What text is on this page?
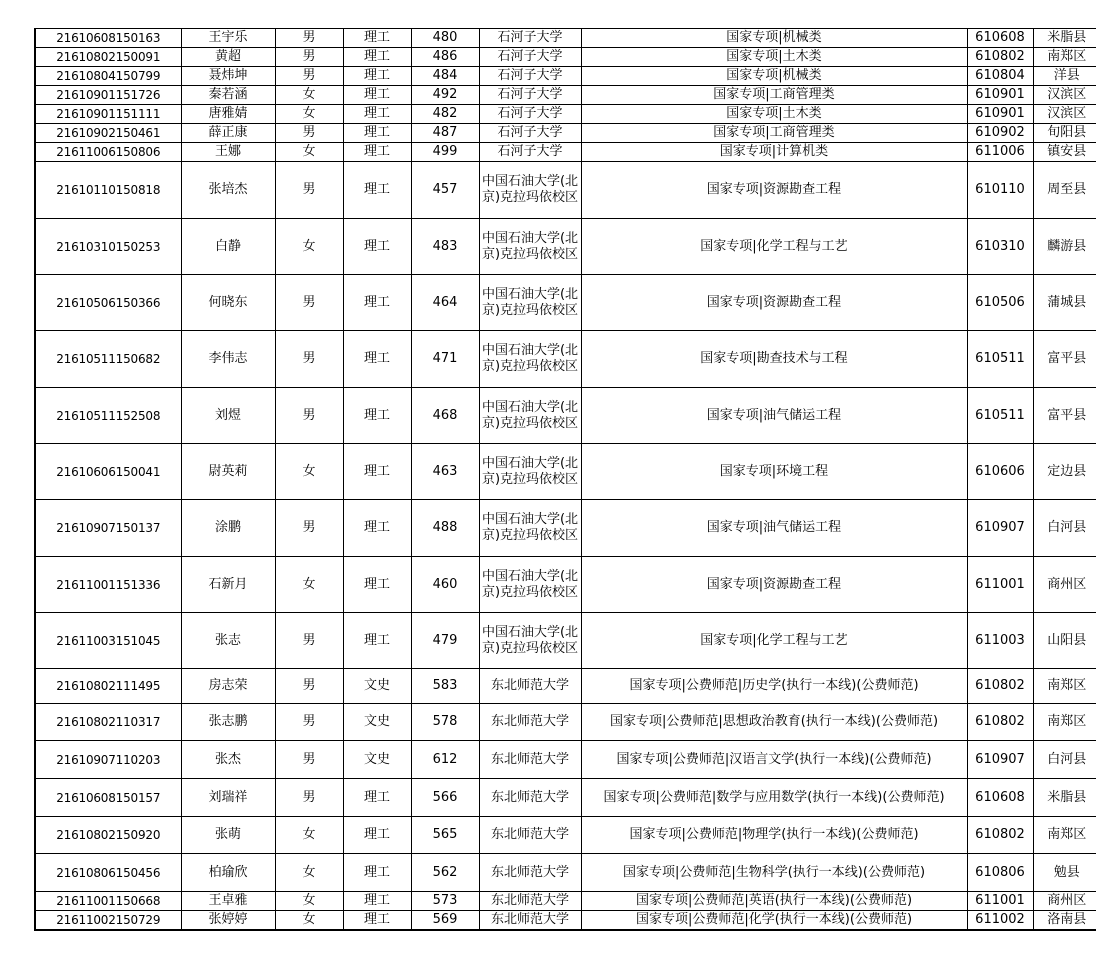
21610608150163	王宇乐	男	理工	480	石河子大学	国家专项|机械类	610608	米脂县
21610802150091	黄超	男	理工	486	石河子大学	国家专项|土木类	610802	南郑区
21610804150799	聂炜坤	男	理工	484	石河子大学	国家专项|机械类	610804	洋县
21610901151726	秦若涵	女	理工	492	石河子大学	国家专项|工商管理类	610901	汉滨区
21610901151111	唐雅婧	女	理工	482	石河子大学	国家专项|土木类	610901	汉滨区
21610902150461	薛正康	男	理工	487	石河子大学	国家专项|工商管理类	610902	旬阳县
21611006150806	王娜	女	理工	499	石河子大学	国家专项|计算机类	611006	镇安县
21610110150818	张培杰	男	理工	457	中国石油大学(北京)克拉玛依校区	国家专项|资源勘查工程	610110	周至县
21610310150253	白静	女	理工	483	中国石油大学(北京)克拉玛依校区	国家专项|化学工程与工艺	610310	麟游县
21610506150366	何晓东	男	理工	464	中国石油大学(北京)克拉玛依校区	国家专项|资源勘查工程	610506	蒲城县
21610511150682	李伟志	男	理工	471	中国石油大学(北京)克拉玛依校区	国家专项|勘查技术与工程	610511	富平县
21610511152508	刘煜	男	理工	468	中国石油大学(北京)克拉玛依校区	国家专项|油气储运工程	610511	富平县
21610606150041	尉英莉	女	理工	463	中国石油大学(北京)克拉玛依校区	国家专项|环境工程	610606	定边县
21610907150137	涂鹏	男	理工	488	中国石油大学(北京)克拉玛依校区	国家专项|油气储运工程	610907	白河县
21611001151336	石新月	女	理工	460	中国石油大学(北京)克拉玛依校区	国家专项|资源勘查工程	611001	商州区
21611003151045	张志	男	理工	479	中国石油大学(北京)克拉玛依校区	国家专项|化学工程与工艺	611003	山阳县
21610802111495	房志荣	男	文史	583	东北师范大学	国家专项|公费师范|历史学(执行一本线)(公费师范)	610802	南郑区
21610802110317	张志鹏	男	文史	578	东北师范大学	国家专项|公费师范|思想政治教育(执行一本线)(公费师范)	610802	南郑区
21610907110203	张杰	男	文史	612	东北师范大学	国家专项|公费师范|汉语言文学(执行一本线)(公费师范)	610907	白河县
21610608150157	刘瑞祥	男	理工	566	东北师范大学	国家专项|公费师范|数学与应用数学(执行一本线)(公费师范)	610608	米脂县
21610802150920	张萌	女	理工	565	东北师范大学	国家专项|公费师范|物理学(执行一本线)(公费师范)	610802	南郑区
21610806150456	柏瑜欣	女	理工	562	东北师范大学	国家专项|公费师范|生物科学(执行一本线)(公费师范)	610806	勉县
21611001150668	王卓雅	女	理工	573	东北师范大学	国家专项|公费师范|英语(执行一本线)(公费师范)	611001	商州区
21611002150729	张婷婷	女	理工	569	东北师范大学	国家专项|公费师范|化学(执行一本线)(公费师范)	611002	洛南县
